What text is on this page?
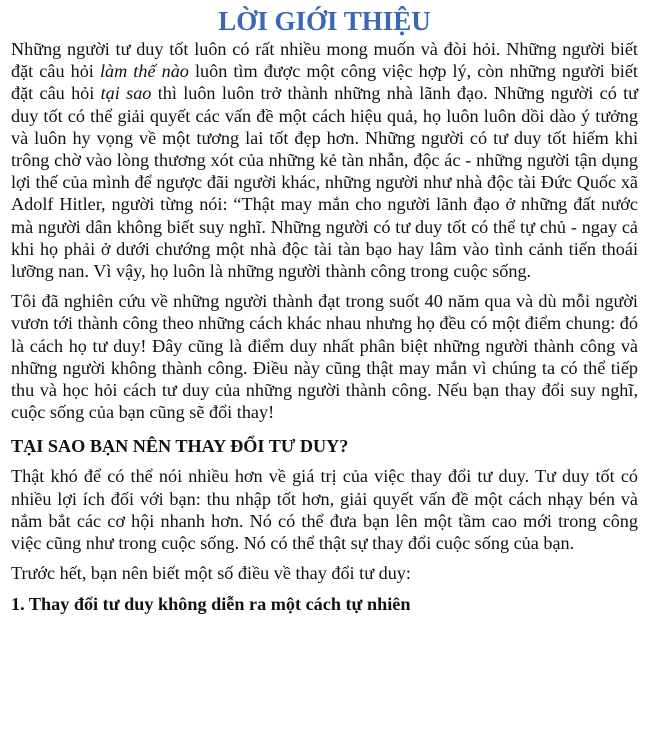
LỜI GIỚI THIỆU

Những người tư duy tốt luôn có rất nhiều mong muốn và đòi hỏi. Những người biết đặt câu hỏi làm thế nào luôn tìm được một công việc hợp lý, còn những người biết đặt câu hỏi tại sao thì luôn luôn trở thành những nhà lãnh đạo. Những người có tư duy tốt có thể giải quyết các vấn đề một cách hiệu quả, họ luôn luôn dồi dào ý tưởng và luôn hy vọng về một tương lai tốt đẹp hơn. Những người có tư duy tốt hiếm khi trông chờ vào lòng thương xót của những kẻ tàn nhẫn, độc ác - những người tận dụng lợi thế của mình để ngược đãi người khác, những người như nhà độc tài Đức Quốc xã Adolf Hitler, người từng nói: “Thật may mắn cho người lãnh đạo ở những đất nước mà người dân không biết suy nghĩ. Những người có tư duy tốt có thể tự chủ - ngay cả khi họ phải ở dưới chướng một nhà độc tài tàn bạo hay lâm vào tình cảnh tiến thoái lưỡng nan. Vì vậy, họ luôn là những người thành công trong cuộc sống.

Tôi đã nghiên cứu về những người thành đạt trong suốt 40 năm qua và dù mỗi người vươn tới thành công theo những cách khác nhau nhưng họ đều có một điểm chung: đó là cách họ tư duy! Đây cũng là điểm duy nhất phân biệt những người thành công và những người không thành công. Điều này cũng thật may mắn vì chúng ta có thể tiếp thu và học hỏi cách tư duy của những người thành công. Nếu bạn thay đổi suy nghĩ, cuộc sống của bạn cũng sẽ đổi thay!

TẠI SAO BẠN NÊN THAY ĐỔI TƯ DUY?

Thật khó để có thể nói nhiều hơn về giá trị của việc thay đổi tư duy. Tư duy tốt có nhiều lợi ích đối với bạn: thu nhập tốt hơn, giải quyết vấn đề một cách nhạy bén và nắm bắt các cơ hội nhanh hơn. Nó có thể đưa bạn lên một tầm cao mới trong công việc cũng như trong cuộc sống. Nó có thể thật sự thay đổi cuộc sống của bạn.

Trước hết, bạn nên biết một số điều về thay đổi tư duy:

1. Thay đổi tư duy không diễn ra một cách tự nhiên
